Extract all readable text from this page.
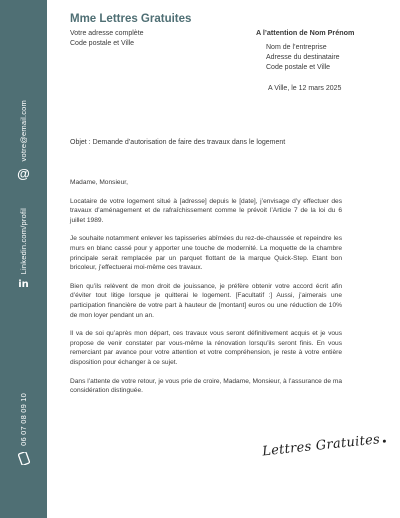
votre@email.com
@
Linkedin.com/profil
in
06 07 08 09 10
Mme Lettres Gratuites
Votre adresse complète
Code postale et Ville
A l’attention de Nom Prénom
Nom de l’entreprise
Adresse du destinataire
Code postale et Ville
A Ville, le 12 mars 2025
Objet : Demande d’autorisation de faire des travaux dans le logement

Madame, Monsieur,

Locataire de votre logement situé à [adresse] depuis le [date], j’envisage d’y effectuer des travaux d’aménagement et de rafraîchissement comme le prévoit l’Article 7 de la loi du 6 juillet 1989.

Je souhaite notamment enlever les tapisseries abîmées du rez-de-chaussée et repeindre les murs en blanc cassé pour y apporter une touche de modernité. La moquette de la chambre principale serait remplacée par un parquet flottant de la marque Quick-Step. Etant bon bricoleur, j’effectuerai moi-même ces travaux.

Bien qu’ils relèvent de mon droit de jouissance, je préfère obtenir votre accord écrit afin d’éviter tout litige lorsque je quitterai le logement. [Facultatif :] Aussi, j’aimerais une participation financière de votre part à hauteur de [montant] euros ou une réduction de 10% de mon loyer pendant un an.

Il va de soi qu’après mon départ, ces travaux vous seront définitivement acquis et je vous propose de venir constater par vous-même la rénovation lorsqu’ils seront finis. En vous remerciant par avance pour votre attention et votre compréhension, je reste à votre entière disposition pour échanger à ce sujet.

Dans l’attente de votre retour, je vous prie de croire, Madame, Monsieur, à l’assurance de ma considération distinguée.

Lettres Gratuites
